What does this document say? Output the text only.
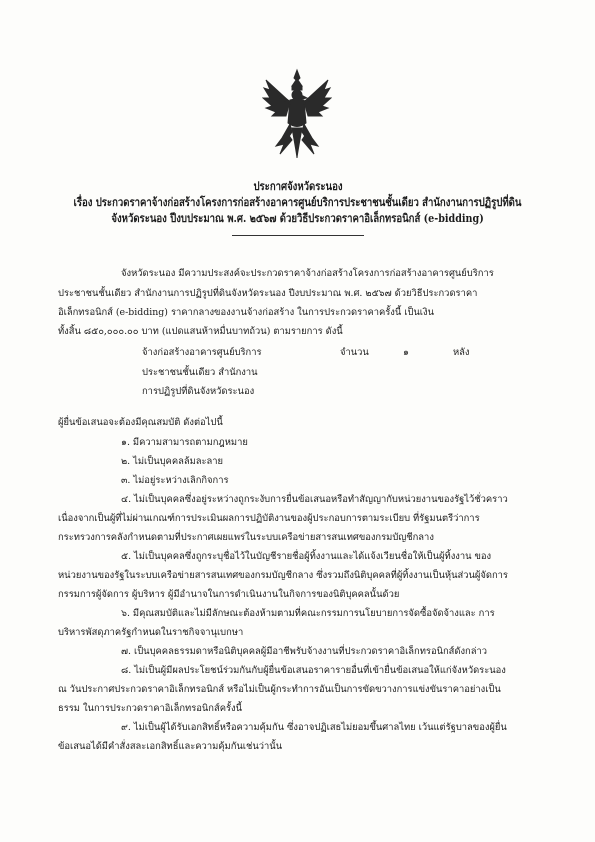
ประกาศจังหวัดระนอง เรื่อง ประกวดราคาจ้างก่อสร้างโครงการก่อสร้างอาคารศูนย์บริการประชาชนชั้นเดียว สำนักงานการปฏิรูปที่ดิน จังหวัดระนอง ปีงบประมาณ พ.ศ. ๒๕๖๗ ด้วยวิธีประกวดราคาอิเล็กทรอนิกส์ (e-bidding)
จังหวัดระนอง มีความประสงค์จะประกวดราคาจ้างก่อสร้างโครงการก่อสร้างอาคารศูนย์บริการ
ประชาชนชั้นเดียว สำนักงานการปฏิรูปที่ดินจังหวัดระนอง ปีงบประมาณ พ.ศ. ๒๕๖๗ ด้วยวิธีประกวดราคา
อิเล็กทรอนิกส์ (e-bidding) ราคากลางของงานจ้างก่อสร้าง ในการประกวดราคาครั้งนี้ เป็นเงิน
ทั้งสิ้น ๘๕๐,๐๐๐.๐๐ บาท (แปดแสนห้าหมื่นบาทถ้วน) ตามรายการ ดังนี้
จ้างก่อสร้างอาคารศูนย์บริการ	จำนวน	๑	หลัง
ประชาชนชั้นเดียว สำนักงาน
การปฏิรูปที่ดินจังหวัดระนอง
ผู้ยื่นข้อเสนอจะต้องมีคุณสมบัติ ดังต่อไปนี้
๑. มีความสามารถตามกฎหมาย
๒. ไม่เป็นบุคคลล้มละลาย
๓. ไม่อยู่ระหว่างเลิกกิจการ
๔. ไม่เป็นบุคคลซึ่งอยู่ระหว่างถูกระงับการยื่นข้อเสนอหรือทำสัญญากับหน่วยงานของรัฐไว้ชั่วคราว
เนื่องจากเป็นผู้ที่ไม่ผ่านเกณฑ์การประเมินผลการปฏิบัติงานของผู้ประกอบการตามระเบียบ ที่รัฐมนตรีว่าการ
กระทรวงการคลังกำหนดตามที่ประกาศเผยแพร่ในระบบเครือข่ายสารสนเทศของกรมบัญชีกลาง
๕. ไม่เป็นบุคคลซึ่งถูกระบุชื่อไว้ในบัญชีรายชื่อผู้ทิ้งงานและได้แจ้งเวียนชื่อให้เป็นผู้ทิ้งงาน ของ
หน่วยงานของรัฐในระบบเครือข่ายสารสนเทศของกรมบัญชีกลาง ซึ่งรวมถึงนิติบุคคลที่ผู้ทิ้งงานเป็นหุ้นส่วนผู้จัดการ
กรรมการผู้จัดการ ผู้บริหาร ผู้มีอำนาจในการดำเนินงานในกิจการของนิติบุคคลนั้นด้วย
๖. มีคุณสมบัติและไม่มีลักษณะต้องห้ามตามที่คณะกรรมการนโยบายการจัดซื้อจัดจ้างและ การ
บริหารพัสดุภาครัฐกำหนดในราชกิจจานุเบกษา
๗. เป็นบุคคลธรรมดาหรือนิติบุคคลผู้มีอาชีพรับจ้างงานที่ประกวดราคาอิเล็กทรอนิกส์ดังกล่าว
๘. ไม่เป็นผู้มีผลประโยชน์ร่วมกันกับผู้ยื่นข้อเสนอราคารายอื่นที่เข้ายื่นข้อเสนอให้แก่จังหวัดระนอง
ณ วันประกาศประกวดราคาอิเล็กทรอนิกส์ หรือไม่เป็นผู้กระทำการอันเป็นการขัดขวางการแข่งขันราคาอย่างเป็น
ธรรม ในการประกวดราคาอิเล็กทรอนิกส์ครั้งนี้
๙. ไม่เป็นผู้ได้รับเอกสิทธิ์หรือความคุ้มกัน ซึ่งอาจปฏิเสธไม่ยอมขึ้นศาลไทย เว้นแต่รัฐบาลของผู้ยื่น
ข้อเสนอได้มีคำสั่งสละเอกสิทธิ์และความคุ้มกันเช่นว่านั้น
